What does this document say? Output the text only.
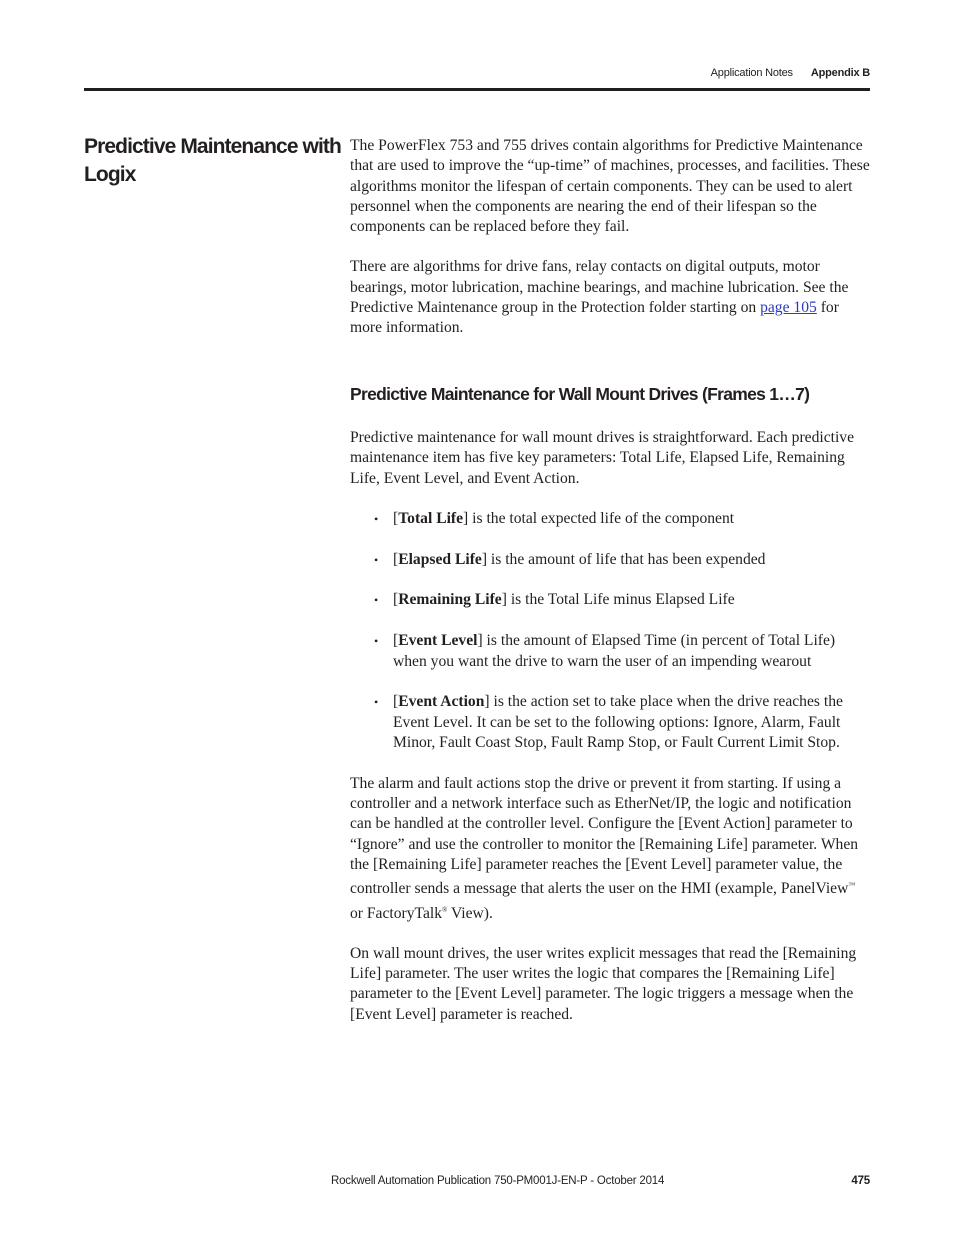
Application Notes Appendix B
Predictive Maintenance with Logix

The PowerFlex 753 and 755 drives contain algorithms for Predictive Maintenance that are used to improve the “up-time” of machines, processes, and facilities. These algorithms monitor the lifespan of certain components. They can be used to alert personnel when the components are nearing the end of their lifespan so the components can be replaced before they fail.

There are algorithms for drive fans, relay contacts on digital outputs, motor bearings, motor lubrication, machine bearings, and machine lubrication. See the Predictive Maintenance group in the Protection folder starting on page 105 for more information.

Predictive Maintenance for Wall Mount Drives (Frames 1…7)

Predictive maintenance for wall mount drives is straightforward. Each predictive maintenance item has five key parameters: Total Life, Elapsed Life, Remaining Life, Event Level, and Event Action.

• [Total Life] is the total expected life of the component
• [Elapsed Life] is the amount of life that has been expended
• [Remaining Life] is the Total Life minus Elapsed Life
• [Event Level] is the amount of Elapsed Time (in percent of Total Life) when you want the drive to warn the user of an impending wearout
• [Event Action] is the action set to take place when the drive reaches the Event Level. It can be set to the following options: Ignore, Alarm, Fault Minor, Fault Coast Stop, Fault Ramp Stop, or Fault Current Limit Stop.

The alarm and fault actions stop the drive or prevent it from starting. If using a controller and a network interface such as EtherNet/IP, the logic and notification can be handled at the controller level. Configure the [Event Action] parameter to “Ignore” and use the controller to monitor the [Remaining Life] parameter. When the [Remaining Life] parameter reaches the [Event Level] parameter value, the controller sends a message that alerts the user on the HMI (example, PanelView™ or FactoryTalk® View).

On wall mount drives, the user writes explicit messages that read the [Remaining Life] parameter. The user writes the logic that compares the [Remaining Life] parameter to the [Event Level] parameter. The logic triggers a message when the [Event Level] parameter is reached.

Rockwell Automation Publication 750-PM001J-EN-P - October 2014	475
